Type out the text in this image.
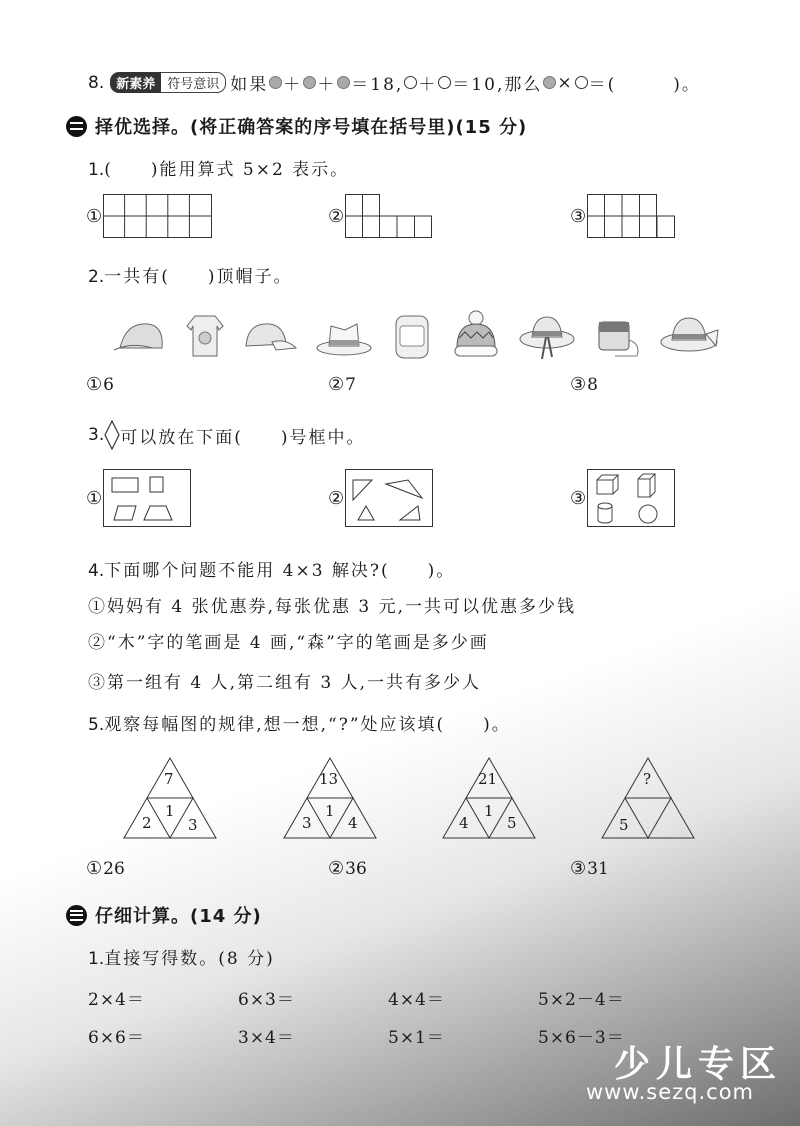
8. 新素养 符号意识 如果 ＋ ＋ ＝18, ＋ ＝10,那么 × ＝(　　　)。
择优选择。(将正确答案的序号填在括号里)(15 分)
1.(　　)能用算式 5×2 表示。
①	②	③
2.一共有(　　)顶帽子。
① 6	② 7	③ 8
3. 可以放在下面(　　)号框中。
①	②	③
4.下面哪个问题不能用 4×3 解决?(　　)。
①妈妈有 4 张优惠券,每张优惠 3 元,一共可以优惠多少钱
②“木”字的笔画是 4 画,“森”字的笔画是多少画
③第一组有 4 人,第二组有 3 人,一共有多少人
5.观察每幅图的规律,想一想,“?”处应该填(　　)。
7
1
2 3
13
1
3 4
21
1
4	5
?
5
① 26	② 36	③ 31
仔细计算。(14 分)
1.直接写得数。(8 分)
2×4＝	6×3＝	4×4＝	5×2－4＝
6×6＝	3×4＝	5×1＝	5×6－3＝
少儿专区
www.sezq.com
